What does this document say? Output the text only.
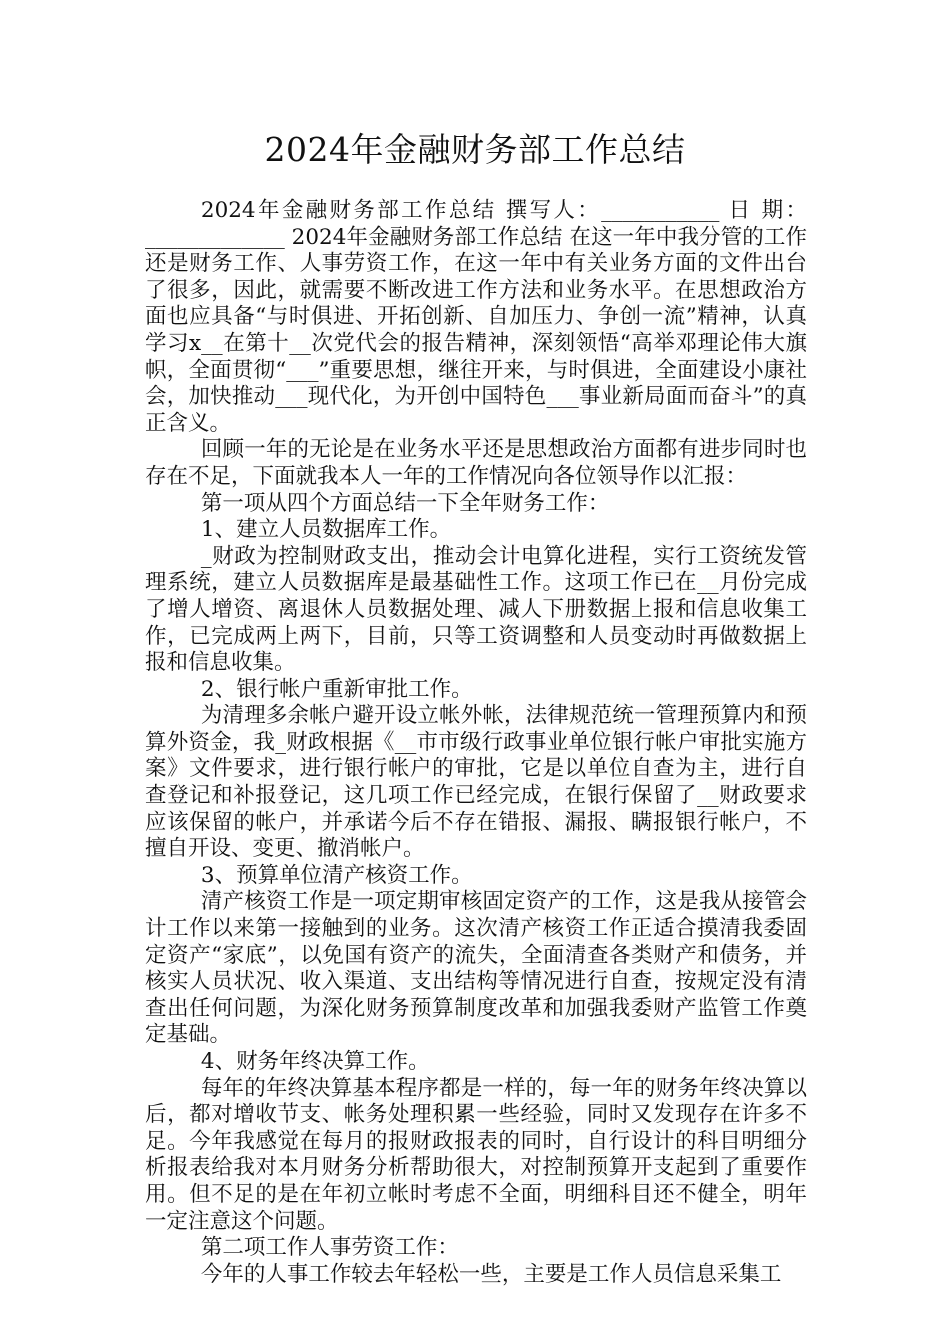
2024年金融财务部工作总结

2024年金融财务部工作总结 撰写人：___________ 日 期：_____________ 2024年金融财务部工作总结 在这一年中我分管的工作还是财务工作、人事劳资工作，在这一年中有关业务方面的文件出台了很多，因此，就需要不断改进工作方法和业务水平。在思想政治方面也应具备“与时俱进、开拓创新、自加压力、争创一流”精神，认真学习x__在第十__次党代会的报告精神，深刻领悟“高举邓理论伟大旗帜，全面贯彻“___”重要思想，继往开来，与时俱进，全面建设小康社会，加快推动___现代化，为开创中国特色___事业新局面而奋斗”的真正含义。

回顾一年的无论是在业务水平还是思想政治方面都有进步同时也存在不足，下面就我本人一年的工作情况向各位领导作以汇报：

第一项从四个方面总结一下全年财务工作：

1、建立人员数据库工作。

_财政为控制财政支出，推动会计电算化进程，实行工资统发管理系统，建立人员数据库是最基础性工作。这项工作已在__月份完成了增人增资、离退休人员数据处理、减人下册数据上报和信息收集工作，已完成两上两下，目前，只等工资调整和人员变动时再做数据上报和信息收集。

2、银行帐户重新审批工作。

为清理多余帐户避开设立帐外帐，法律规范统一管理预算内和预算外资金，我_财政根据《__市市级行政事业单位银行帐户审批实施方案》文件要求，进行银行帐户的审批，它是以单位自查为主，进行自查登记和补报登记，这几项工作已经完成，在银行保留了__财政要求应该保留的帐户，并承诺今后不存在错报、漏报、瞒报银行帐户，不擅自开设、变更、撤消帐户。

3、预算单位清产核资工作。

清产核资工作是一项定期审核固定资产的工作，这是我从接管会计工作以来第一接触到的业务。这次清产核资工作正适合摸清我委固定资产“家底”，以免国有资产的流失，全面清查各类财产和债务，并核实人员状况、收入渠道、支出结构等情况进行自查，按规定没有清查出任何问题，为深化财务预算制度改革和加强我委财产监管工作奠定基础。

4、财务年终决算工作。

每年的年终决算基本程序都是一样的，每一年的财务年终决算以后，都对增收节支、帐务处理积累一些经验，同时又发现存在许多不足。今年我感觉在每月的报财政报表的同时，自行设计的科目明细分析报表给我对本月财务分析帮助很大，对控制预算开支起到了重要作用。但不足的是在年初立帐时考虑不全面，明细科目还不健全，明年一定注意这个问题。

第二项工作人事劳资工作：

今年的人事工作较去年轻松一些，主要是工作人员信息采集工
